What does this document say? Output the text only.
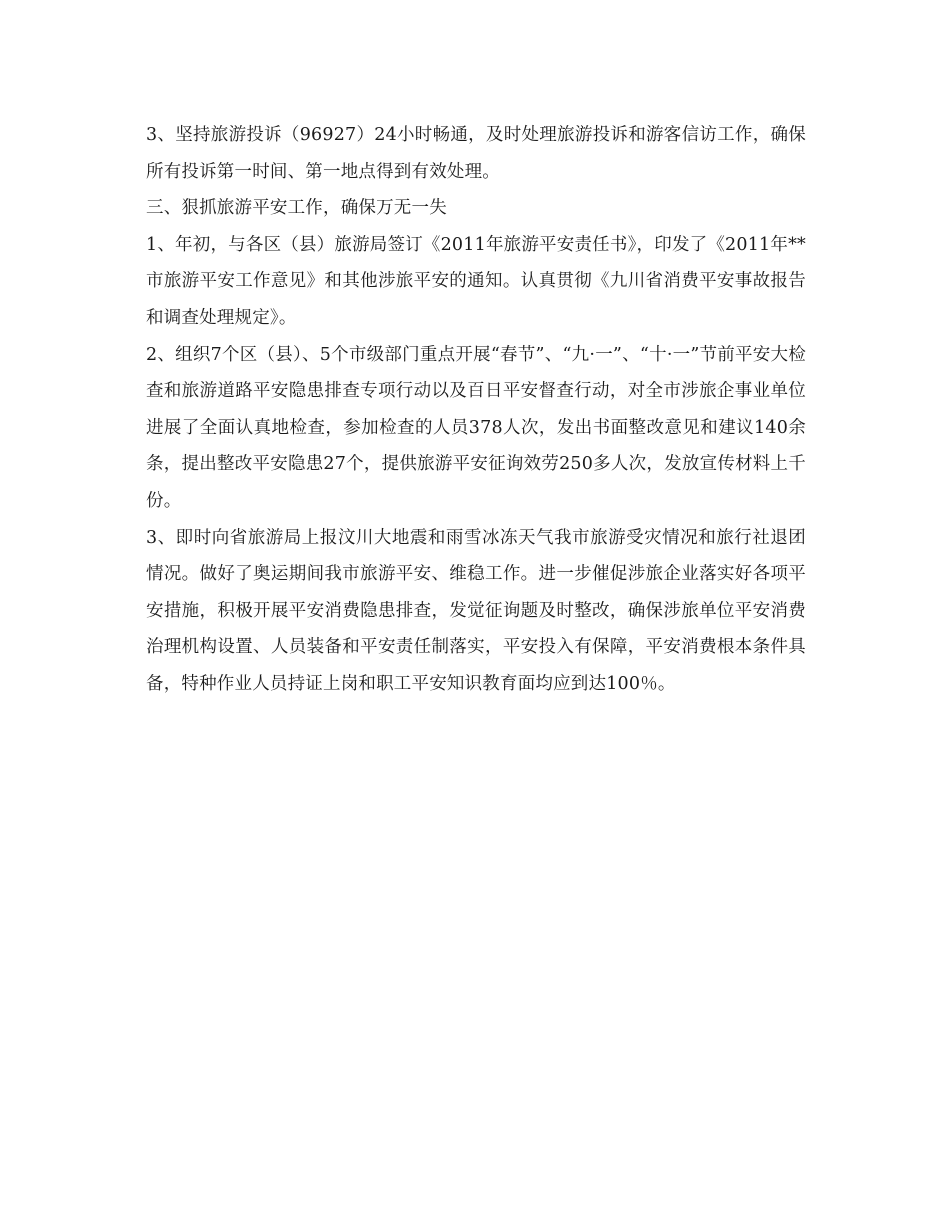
3、坚持旅游投诉（96927）24小时畅通，及时处理旅游投诉和游客信访工作，确保所有投诉第一时间、第一地点得到有效处理。

三、狠抓旅游平安工作，确保万无一失

1、年初，与各区（县）旅游局签订《2011年旅游平安责任书》，印发了《2011年**市旅游平安工作意见》和其他涉旅平安的通知。认真贯彻《九川省消费平安事故报告和调查处理规定》。

2、组织7个区（县）、5个市级部门重点开展“春节”、“九·一”、“十·一”节前平安大检查和旅游道路平安隐患排查专项行动以及百日平安督查行动，对全市涉旅企事业单位进展了全面认真地检查，参加检查的人员378人次，发出书面整改意见和建议140余条，提出整改平安隐患27个，提供旅游平安征询效劳250多人次，发放宣传材料上千份。

3、即时向省旅游局上报汶川大地震和雨雪冰冻天气我市旅游受灾情况和旅行社退团情况。做好了奥运期间我市旅游平安、维稳工作。进一步催促涉旅企业落实好各项平安措施，积极开展平安消费隐患排查，发觉征询题及时整改，确保涉旅单位平安消费治理机构设置、人员装备和平安责任制落实，平安投入有保障，平安消费根本条件具备，特种作业人员持证上岗和职工平安知识教育面均应到达100％。
